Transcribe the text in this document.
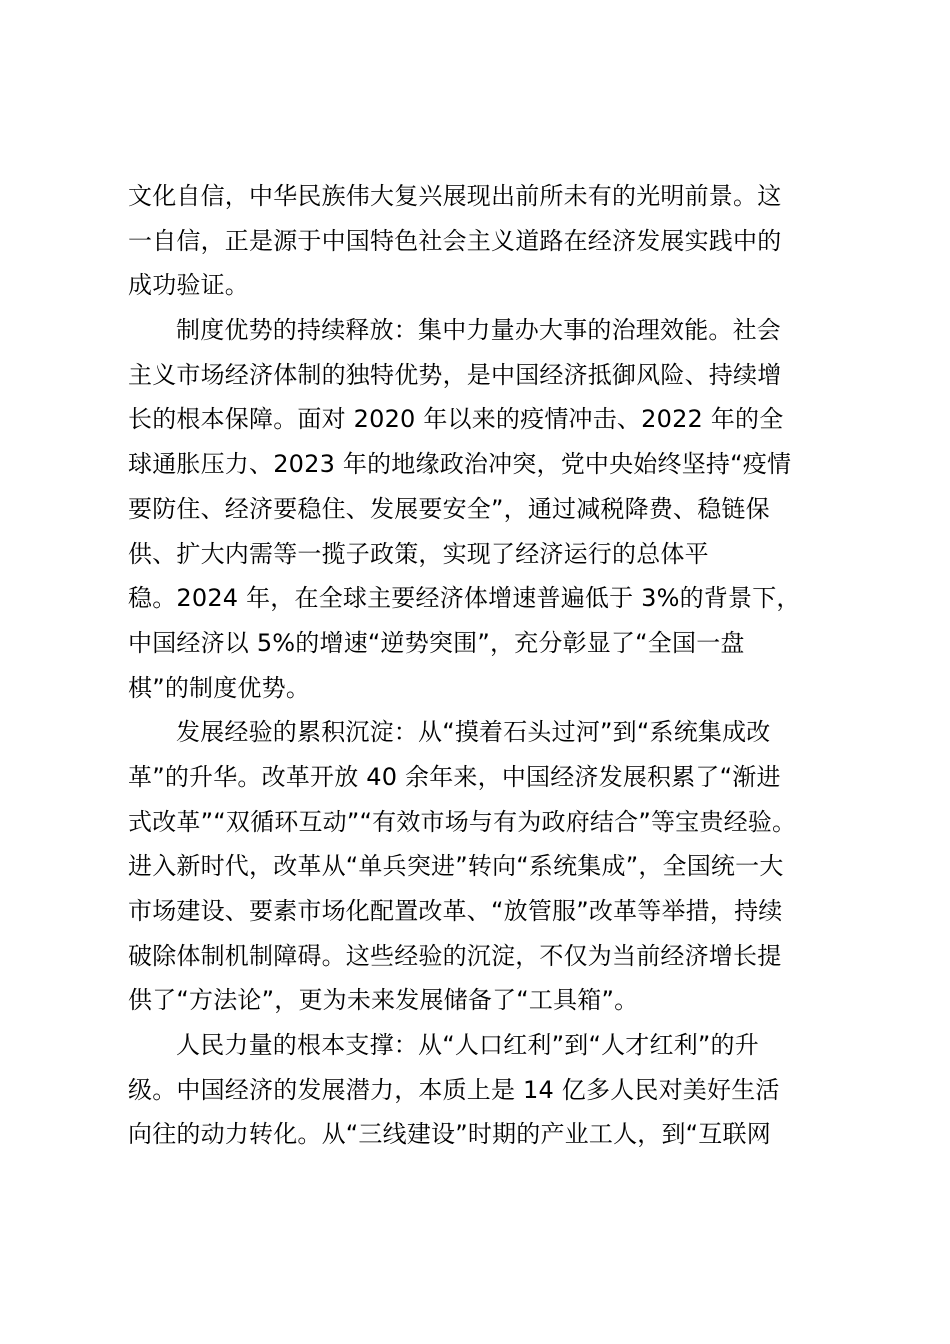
文化自信，中华民族伟大复兴展现出前所未有的光明前景。这
一自信，正是源于中国特色社会主义道路在经济发展实践中的
成功验证。
制度优势的持续释放：集中力量办大事的治理效能。社会
主义市场经济体制的独特优势，是中国经济抵御风险、持续增
长的根本保障。面对 2020 年以来的疫情冲击、2022 年的全
球通胀压力、2023 年的地缘政治冲突，党中央始终坚持“疫情
要防住、经济要稳住、发展要安全”，通过减税降费、稳链保
供、扩大内需等一揽子政策，实现了经济运行的总体平
稳。2024 年，在全球主要经济体增速普遍低于 3%的背景下，
中国经济以 5%的增速“逆势突围”，充分彰显了“全国一盘
棋”的制度优势。
发展经验的累积沉淀：从“摸着石头过河”到“系统集成改
革”的升华。改革开放 40 余年来，中国经济发展积累了“渐进
式改革”“双循环互动”“有效市场与有为政府结合”等宝贵经验。
进入新时代，改革从“单兵突进”转向“系统集成”，全国统一大
市场建设、要素市场化配置改革、“放管服”改革等举措，持续
破除体制机制障碍。这些经验的沉淀，不仅为当前经济增长提
供了“方法论”，更为未来发展储备了“工具箱”。
人民力量的根本支撑：从“人口红利”到“人才红利”的升
级。中国经济的发展潜力，本质上是 14 亿多人民对美好生活
向往的动力转化。从“三线建设”时期的产业工人，到“互联网
